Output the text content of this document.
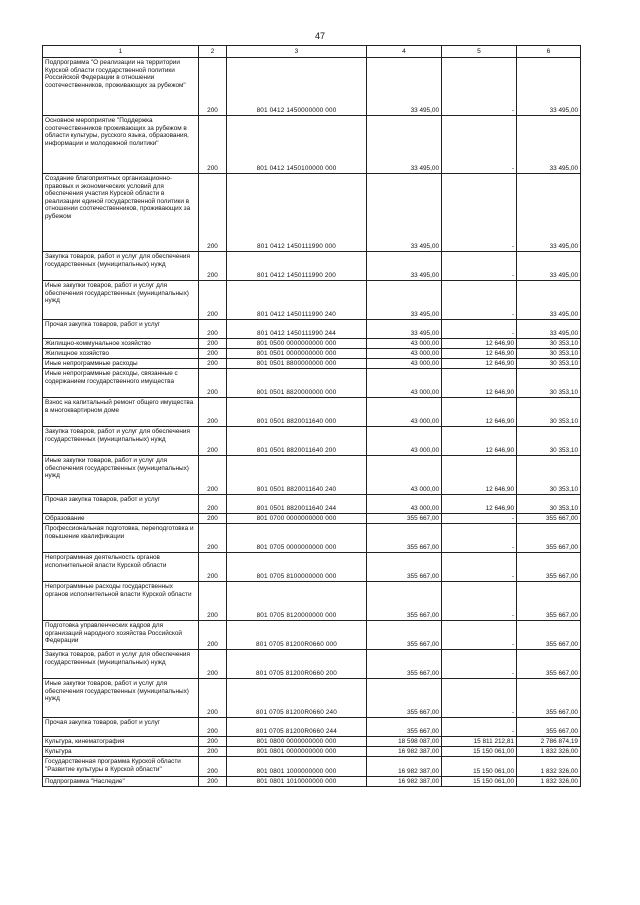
47
1	2	3	4	5	6
Подпрограмма "О реализации на территории Курской области государственной политики Российской Федерации в отношении соотечественников, проживающих за рубежом"	200	801 0412 1450000000 000	33 495,00	-	33 495,00
Основное мероприятие "Поддержка соотечественников проживающих за рубежом в области культуры, русского языка, образования, информации и молодежной политики"	200	801 0412 1450100000 000	33 495,00	-	33 495,00
Создание благоприятных организационно-правовых и экономических условий для обеспечения участия Курской области в реализации единой государственной политики в отношении соотечественников, проживающих за рубежом	200	801 0412 1450111990 000	33 495,00	-	33 495,00
Закупка товаров, работ и услуг для обеспечения государственных (муниципальных) нужд	200	801 0412 1450111990 200	33 495,00	-	33 495,00
Иные закупки товаров, работ и услуг для обеспечения государственных (муниципальных) нужд	200	801 0412 1450111990 240	33 495,00	-	33 495,00
Прочая закупка товаров, работ и услуг	200	801 0412 1450111990 244	33 495,00	-	33 495,00
Жилищно-коммунальное хозяйство	200	801 0500 0000000000 000	43 000,00	12 646,90	30 353,10
Жилищное хозяйство	200	801 0501 0000000000 000	43 000,00	12 646,90	30 353,10
Иные непрограммные расходы	200	801 0501 8800000000 000	43 000,00	12 646,90	30 353,10
Иные непрограммные расходы, связанные с содержанием государственного имущества	200	801 0501 8820000000 000	43 000,00	12 646,90	30 353,10
Взнос на капитальный ремонт общего имущества в многоквартирном доме	200	801 0501 8820011640 000	43 000,00	12 646,90	30 353,10
Закупка товаров, работ и услуг для обеспечения государственных (муниципальных) нужд	200	801 0501 8820011640 200	43 000,00	12 646,90	30 353,10
Иные закупки товаров, работ и услуг для обеспечения государственных (муниципальных) нужд	200	801 0501 8820011640 240	43 000,00	12 646,90	30 353,10
Прочая закупка товаров, работ и услуг	200	801 0501 8820011640 244	43 000,00	12 646,90	30 353,10
Образование	200	801 0700 0000000000 000	355 667,00	-	355 667,00
Профессиональная подготовка, переподготовка и повышение квалификации	200	801 0705 0000000000 000	355 667,00	-	355 667,00
Непрограммная деятельность органов исполнительной власти Курской области	200	801 0705 8100000000 000	355 667,00	-	355 667,00
Непрограммные расходы государственных органов исполнительной власти Курской области	200	801 0705 8120000000 000	355 667,00	-	355 667,00
Подготовка управленческих кадров для организаций народного хозяйства Российской Федерации	200	801 0705 81200R0660 000	355 667,00	-	355 667,00
Закупка товаров, работ и услуг для обеспечения государственных (муниципальных) нужд	200	801 0705 81200R0660 200	355 667,00	-	355 667,00
Иные закупки товаров, работ и услуг для обеспечения государственных (муниципальных) нужд	200	801 0705 81200R0660 240	355 667,00	-	355 667,00
Прочая закупка товаров, работ и услуг	200	801 0705 81200R0660 244	355 667,00	-	355 667,00
Культура, кинематография	200	801 0800 0000000000 000	18 598 087,00	15 811 212,81	2 786 874,19
Культура	200	801 0801 0000000000 000	16 982 387,00	15 150 061,00	1 832 326,00
Государственная программа Курской области "Развитие культуры в Курской области"	200	801 0801 1000000000 000	16 982 387,00	15 150 061,00	1 832 326,00
Подпрограмма "Наследие"	200	801 0801 1010000000 000	16 982 387,00	15 150 061,00	1 832 326,00
